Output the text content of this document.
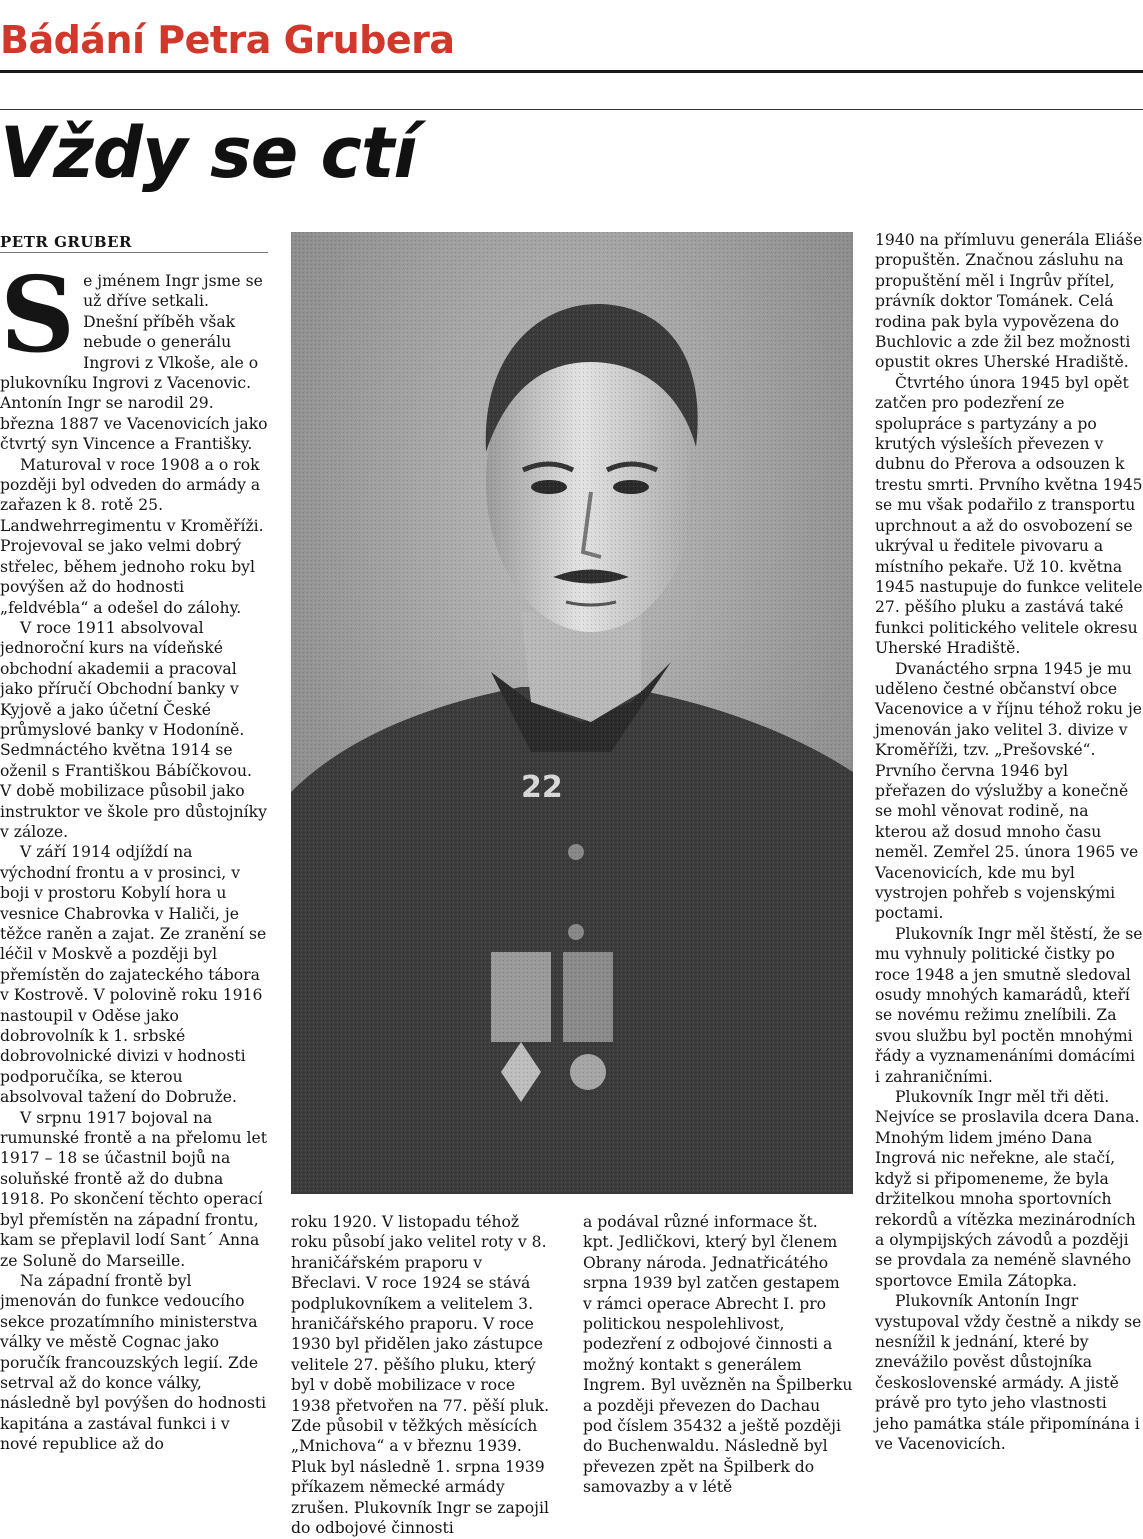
Bádání Petra Grubera
Vždy se ctí
PETR GRUBER

Se jménem Ingr jsme se už dříve setkali. Dnešní příběh však nebude o generálu Ingrovi z Vlkoše, ale o plukovníku Ingrovi z Vacenovic. Antonín Ingr se narodil 29. března 1887 ve Vacenovicích jako čtvrtý syn Vincence a Františky.

Maturoval v roce 1908 a o rok později byl odveden do armády a zařazen k 8. rotě 25. Landwehrregimentu v Kroměříži. Projevoval se jako velmi dobrý střelec, během jednoho roku byl povýšen až do hodnosti „feldvébla“ a odešel do zálohy.

V roce 1911 absolvoval jednoroční kurs na vídeňské obchodní akademii a pracoval jako příručí Obchodní banky v Kyjově a jako účetní České průmyslové banky v Hodoníně. Sedmnáctého května 1914 se oženil s Františkou Bábíčkovou. V době mobilizace působil jako instruktor ve škole pro důstojníky v záloze.

V září 1914 odjíždí na východní frontu a v prosinci, v boji v prostoru Kobylí hora u vesnice Chabrovka v Haliči, je těžce raněn a zajat. Ze zranění se léčil v Moskvě a později byl přemístěn do zajateckého tábora v Kostrově. V polovině roku 1916 nastoupil v Oděse jako dobrovolník k 1. srbské dobrovolnické divizi v hodnosti podporučíka, se kterou absolvoval tažení do Dobruže.

V srpnu 1917 bojoval na rumunské frontě a na přelomu let 1917 – 18 se účastnil bojů na soluňské frontě až do dubna 1918. Po skončení těchto operací byl přemístěn na západní frontu, kam se přeplavil lodí Sant´ Anna ze Soluně do Marseille.

Na západní frontě byl jmenován do funkce vedoucího sekce prozatímního ministerstva války ve městě Cognac jako poručík francouzských legií. Zde setrval až do konce války, následně byl povýšen do hodnosti kapitána a zastával funkci i v nové republice až do

roku 1920. V listopadu téhož roku působí jako velitel roty v 8. hraničářském praporu v Břeclavi. V roce 1924 se stává podplukovníkem a velitelem 3. hraničářského praporu. V roce 1930 byl přidělen jako zástupce velitele 27. pěšího pluku, který byl v době mobilizace v roce 1938 přetvořen na 77. pěší pluk. Zde působil v těžkých měsících „Mnichova“ a v březnu 1939. Pluk byl následně 1. srpna 1939 příkazem německé armády zrušen. Plukovník Ingr se zapojil do odbojové činnosti

a podával různé informace št. kpt. Jedličkovi, který byl členem Obrany národa. Jednatřicátého srpna 1939 byl zatčen gestapem v rámci operace Abrecht I. pro politickou nespolehlivost, podezření z odbojové činnosti a možný kontakt s generálem Ingrem. Byl uvězněn na Špilberku a později převezen do Dachau pod číslem 35432 a ještě později do Buchenwaldu. Následně byl převezen zpět na Špilberk do samovazby a v létě

1940 na přímluvu generála Eliáše propuštěn. Značnou zásluhu na propuštění měl i Ingrův přítel, právník doktor Tománek. Celá rodina pak byla vypovězena do Buchlovic a zde žil bez možnosti opustit okres Uherské Hradiště.

Čtvrtého února 1945 byl opět zatčen pro podezření ze spolupráce s partyzány a po krutých výsleších převezen v dubnu do Přerova a odsouzen k trestu smrti. Prvního května 1945 se mu však podařilo z transportu uprchnout a až do osvobození se ukrýval u ředitele pivovaru a místního pekaře. Už 10. května 1945 nastupuje do funkce velitele 27. pěšího pluku a zastává také funkci politického velitele okresu Uherské Hradiště.

Dvanáctého srpna 1945 je mu uděleno čestné občanství obce Vacenovice a v říjnu téhož roku je jmenován jako velitel 3. divize v Kroměříži, tzv. „Prešovské“. Prvního června 1946 byl přeřazen do výslužby a konečně se mohl věnovat rodině, na kterou až dosud mnoho času neměl. Zemřel 25. února 1965 ve Vacenovicích, kde mu byl vystrojen pohřeb s vojenskými poctami.

Plukovník Ingr měl štěstí, že se mu vyhnuly politické čistky po roce 1948 a jen smutně sledoval osudy mnohých kamarádů, kteří se novému režimu znelíbili. Za svou službu byl poctěn mnohými řády a vyznamenáními domácími i zahraničními.

Plukovník Ingr měl tři děti. Nejvíce se proslavila dcera Dana. Mnohým lidem jméno Dana Ingrová nic neřekne, ale stačí, když si připomeneme, že byla držitelkou mnoha sportovních rekordů a vítězka mezinárodních a olympijských závodů a později se provdala za neméně slavného sportovce Emila Zátopka.

Plukovník Antonín Ingr vystupoval vždy čestně a nikdy se nesnížil k jednání, které by znevážilo pověst důstojníka československé armády. A jistě právě pro tyto jeho vlastnosti jeho památka stále připomínána i ve Vacenovicích.
